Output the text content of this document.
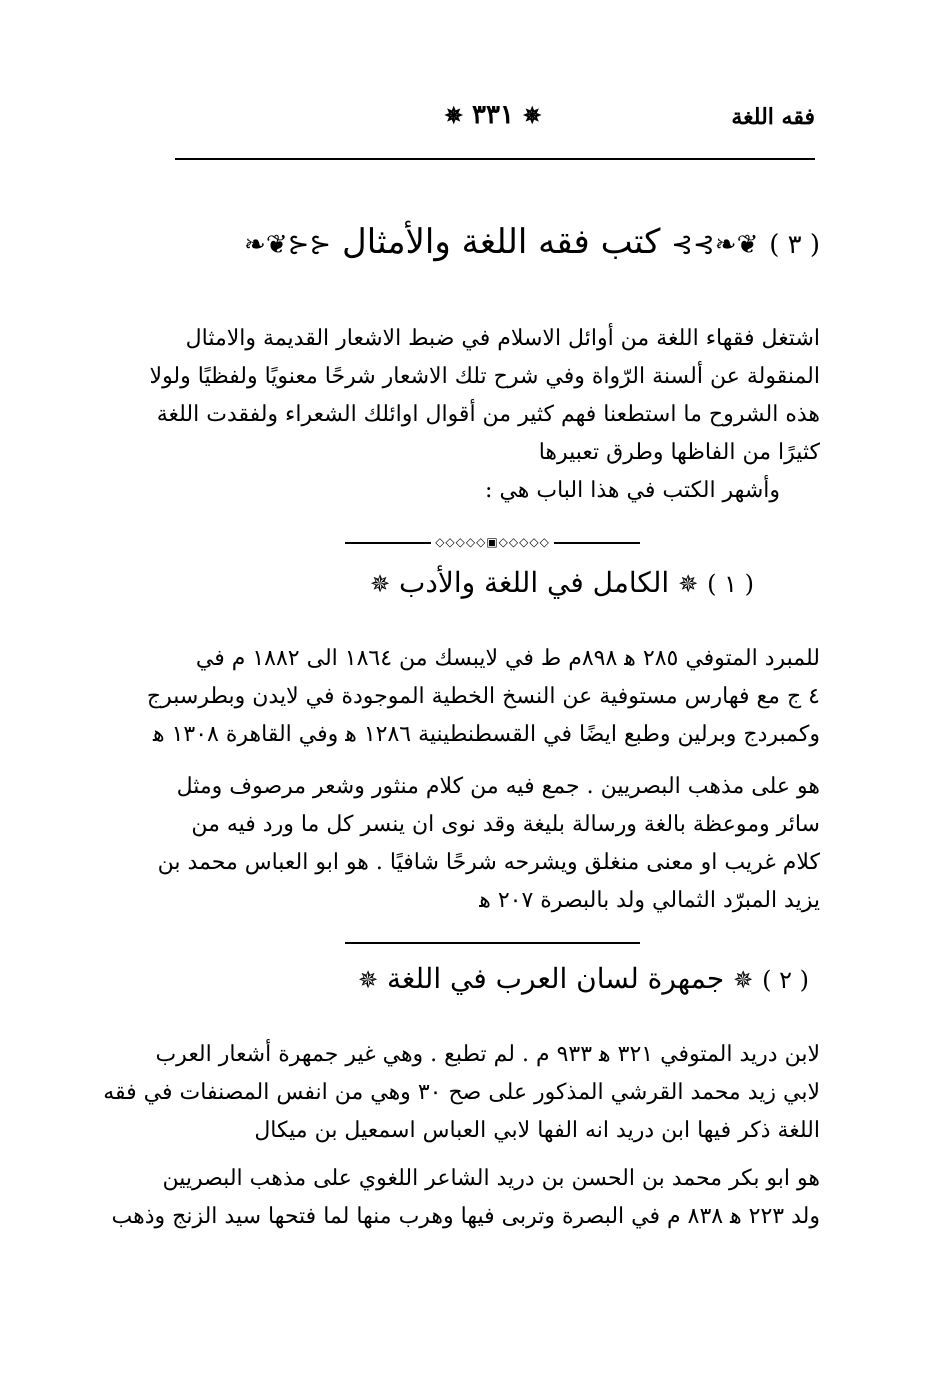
فقه اللغة
✵ ٣٣١ ✵
( ٣ ) ❦❧⊱⊱ كتب فقه اللغة والأمثال ⊰⊰❦❧
اشتغل فقهاء اللغة من أوائل الاسلام في ضبط الاشعار القديمة والامثال
المنقولة عن ألسنة الرّواة وفي شرح تلك الاشعار شرحًا معنويًا ولفظيًا ولولا
هذه الشروح ما استطعنا فهم كثير من أقوال اوائلك الشعراء ولفقدت اللغة
كثيرًا من الفاظها وطرق تعبيرها
وأشهر الكتب في هذا الباب هي :
◇◇◇◇◇▣◇◇◇◇◇
( ١ ) ✵ الكامل في اللغة والأدب ✵
للمبرد المتوفي ٢٨٥ ﻫ ٨٩٨م ط في لايبسك من ١٨٦٤ الى ١٨٨٢ م في
٤ ج مع فهارس مستوفية عن النسخ الخطية الموجودة في لايدن وبطرسبرج
وكمبردج وبرلين وطبع ايضًا في القسطنطينية ١٢٨٦ ﻫ وفي القاهرة ١٣٠٨ ﻫ
هو على مذهب البصريين . جمع فيه من كلام منثور وشعر مرصوف ومثل
سائر وموعظة بالغة ورسالة بليغة وقد نوى ان ينسر كل ما ورد فيه من
كلام غريب او معنى منغلق ويشرحه شرحًا شافيًا . هو ابو العباس محمد بن
يزيد المبرّد الثمالي ولد بالبصرة ٢٠٧ ﻫ
( ٢ ) ✵ جمهرة لسان العرب في اللغة ✵
لابن دريد المتوفي ٣٢١ ﻫ ٩٣٣ م . لم تطبع . وهي غير جمهرة أشعار العرب
لابي زيد محمد القرشي المذكور على صح ٣٠ وهي من انفس المصنفات في فقه
اللغة ذكر فيها ابن دريد انه الفها لابي العباس اسمعيل بن ميكال
هو ابو بكر محمد بن الحسن بن دريد الشاعر اللغوي على مذهب البصريين
ولد ٢٢٣ ﻫ ٨٣٨ م في البصرة وتربى فيها وهرب منها لما فتحها سيد الزنج وذهب
